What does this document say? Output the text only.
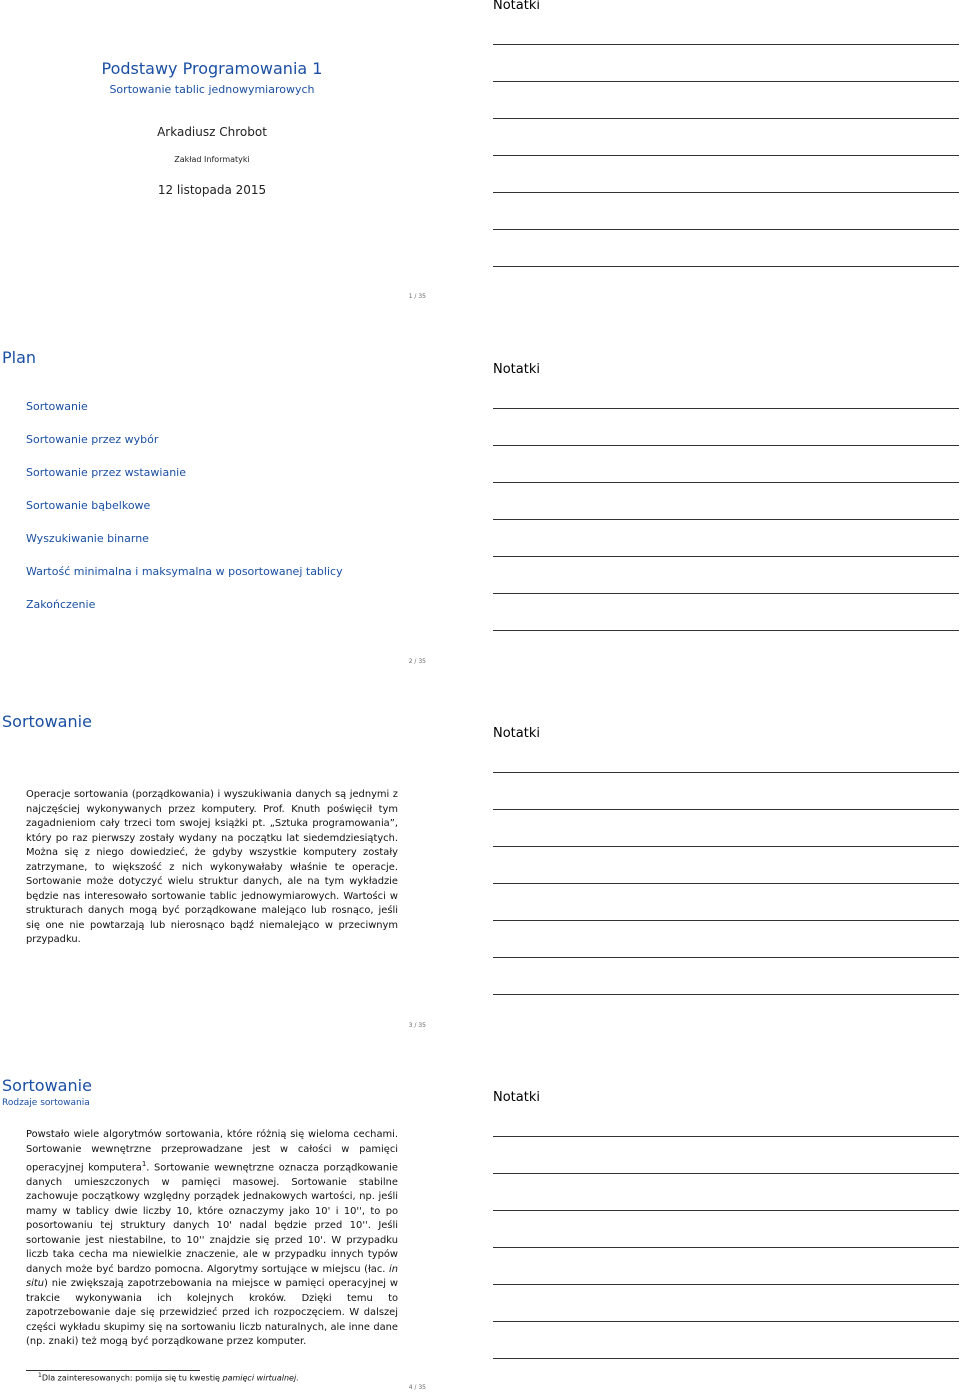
Podstawy Programowania 1
Sortowanie tablic jednowymiarowych
Arkadiusz Chrobot
Zakład Informatyki
12 listopada 2015
1 / 35
Notatki
Plan
Sortowanie
Sortowanie przez wybór
Sortowanie przez wstawianie
Sortowanie bąbelkowe
Wyszukiwanie binarne
Wartość minimalna i maksymalna w posortowanej tablicy
Zakończenie
2 / 35
Notatki
Sortowanie
Operacje sortowania (porządkowania) i wyszukiwania danych są jednymi z najczęściej wykonywanych przez komputery. Prof. Knuth poświęcił tym zagadnieniom cały trzeci tom swojej książki pt. „Sztuka programowania”, który po raz pierwszy zostały wydany na początku lat siedemdziesiątych. Można się z niego dowiedzieć, że gdyby wszystkie komputery zostały zatrzymane, to większość z nich wykonywałaby właśnie te operacje. Sortowanie może dotyczyć wielu struktur danych, ale na tym wykładzie będzie nas interesowało sortowanie tablic jednowymiarowych. Wartości w strukturach danych mogą być porządkowane malejąco lub rosnąco, jeśli się one nie powtarzają lub nierosnąco bądź niemalejąco w przeciwnym przypadku.
3 / 35
Notatki
Sortowanie
Rodzaje sortowania
Powstało wiele algorytmów sortowania, które różnią się wieloma cechami. Sortowanie wewnętrzne przeprowadzane jest w całości w pamięci operacyjnej komputera$^1$. Sortowanie wewnętrzne oznacza porządkowanie danych umieszczonych w pamięci masowej. Sortowanie stabilne zachowuje początkowy względny porządek jednakowych wartości, np. jeśli mamy w tablicy dwie liczby 10, które oznaczymy jako 10' i 10'', to po posortowaniu tej struktury danych 10' nadal będzie przed 10''. Jeśli sortowanie jest niestabilne, to 10'' znajdzie się przed 10'. W przypadku liczb taka cecha ma niewielkie znaczenie, ale w przypadku innych typów danych może być bardzo pomocna. Algorytmy sortujące w miejscu (łac. in situ) nie zwiększają zapotrzebowania na miejsce w pamięci operacyjnej w trakcie wykonywania ich kolejnych kroków. Dzięki temu to zapotrzebowanie daje się przewidzieć przed ich rozpoczęciem. W dalszej części wykładu skupimy się na sortowaniu liczb naturalnych, ale inne dane (np. znaki) też mogą być porządkowane przez komputer.
$^1$Dla zainteresowanych: pomija się tu kwestię pamięci wirtualnej.
4 / 35
Notatki
